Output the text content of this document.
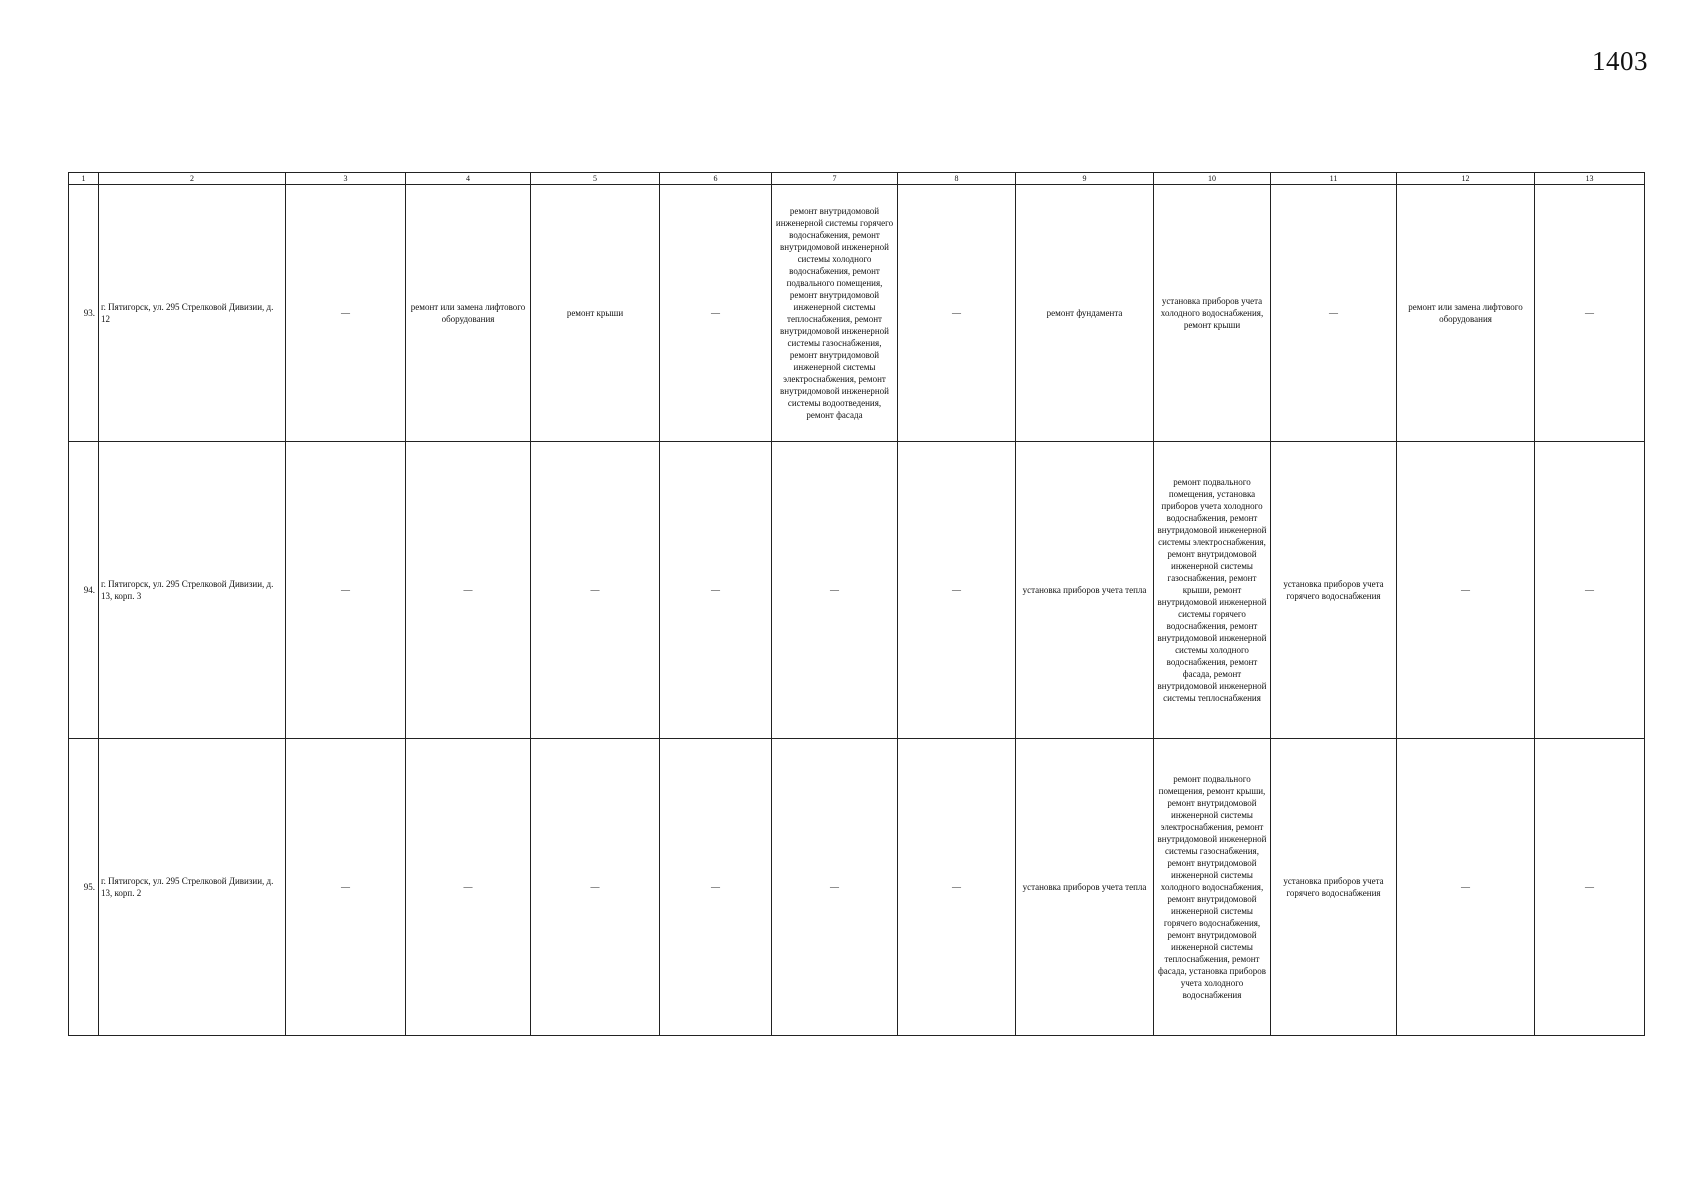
1403
1	2	3	4	5	6	7	8	9	10	11	12	13
93.	г. Пятигорск, ул. 295 Стрелковой Дивизии, д. 12	—	ремонт или замена лифтового оборудования	ремонт крыши	—	ремонт внутридомовой инженерной системы горячего водоснабжения, ремонт внутридомовой инженерной системы холодного водоснабжения, ремонт подвального помещения, ремонт внутридомовой инженерной системы теплоснабжения, ремонт внутридомовой инженерной системы газоснабжения, ремонт внутридомовой инженерной системы электроснабжения, ремонт внутридомовой инженерной системы водоотведения, ремонт фасада	—	ремонт фундамента	установка приборов учета холодного водоснабжения, ремонт крыши	—	ремонт или замена лифтового оборудования	—
94.	г. Пятигорск, ул. 295 Стрелковой Дивизии, д. 13, корп. 3	—	—	—	—	—	—	установка приборов учета тепла	ремонт подвального помещения, установка приборов учета холодного водоснабжения, ремонт внутридомовой инженерной системы электроснабжения, ремонт внутридомовой инженерной системы газоснабжения, ремонт крыши, ремонт внутридомовой инженерной системы горячего водоснабжения, ремонт внутридомовой инженерной системы холодного водоснабжения, ремонт фасада, ремонт внутридомовой инженерной системы теплоснабжения	установка приборов учета горячего водоснабжения	—	—
95.	г. Пятигорск, ул. 295 Стрелковой Дивизии, д. 13, корп. 2	—	—	—	—	—	—	установка приборов учета тепла	ремонт подвального помещения, ремонт крыши, ремонт внутридомовой инженерной системы электроснабжения, ремонт внутридомовой инженерной системы газоснабжения, ремонт внутридомовой инженерной системы холодного водоснабжения, ремонт внутридомовой инженерной системы горячего водоснабжения, ремонт внутридомовой инженерной системы теплоснабжения, ремонт фасада, установка приборов учета холодного водоснабжения	установка приборов учета горячего водоснабжения	—	—
